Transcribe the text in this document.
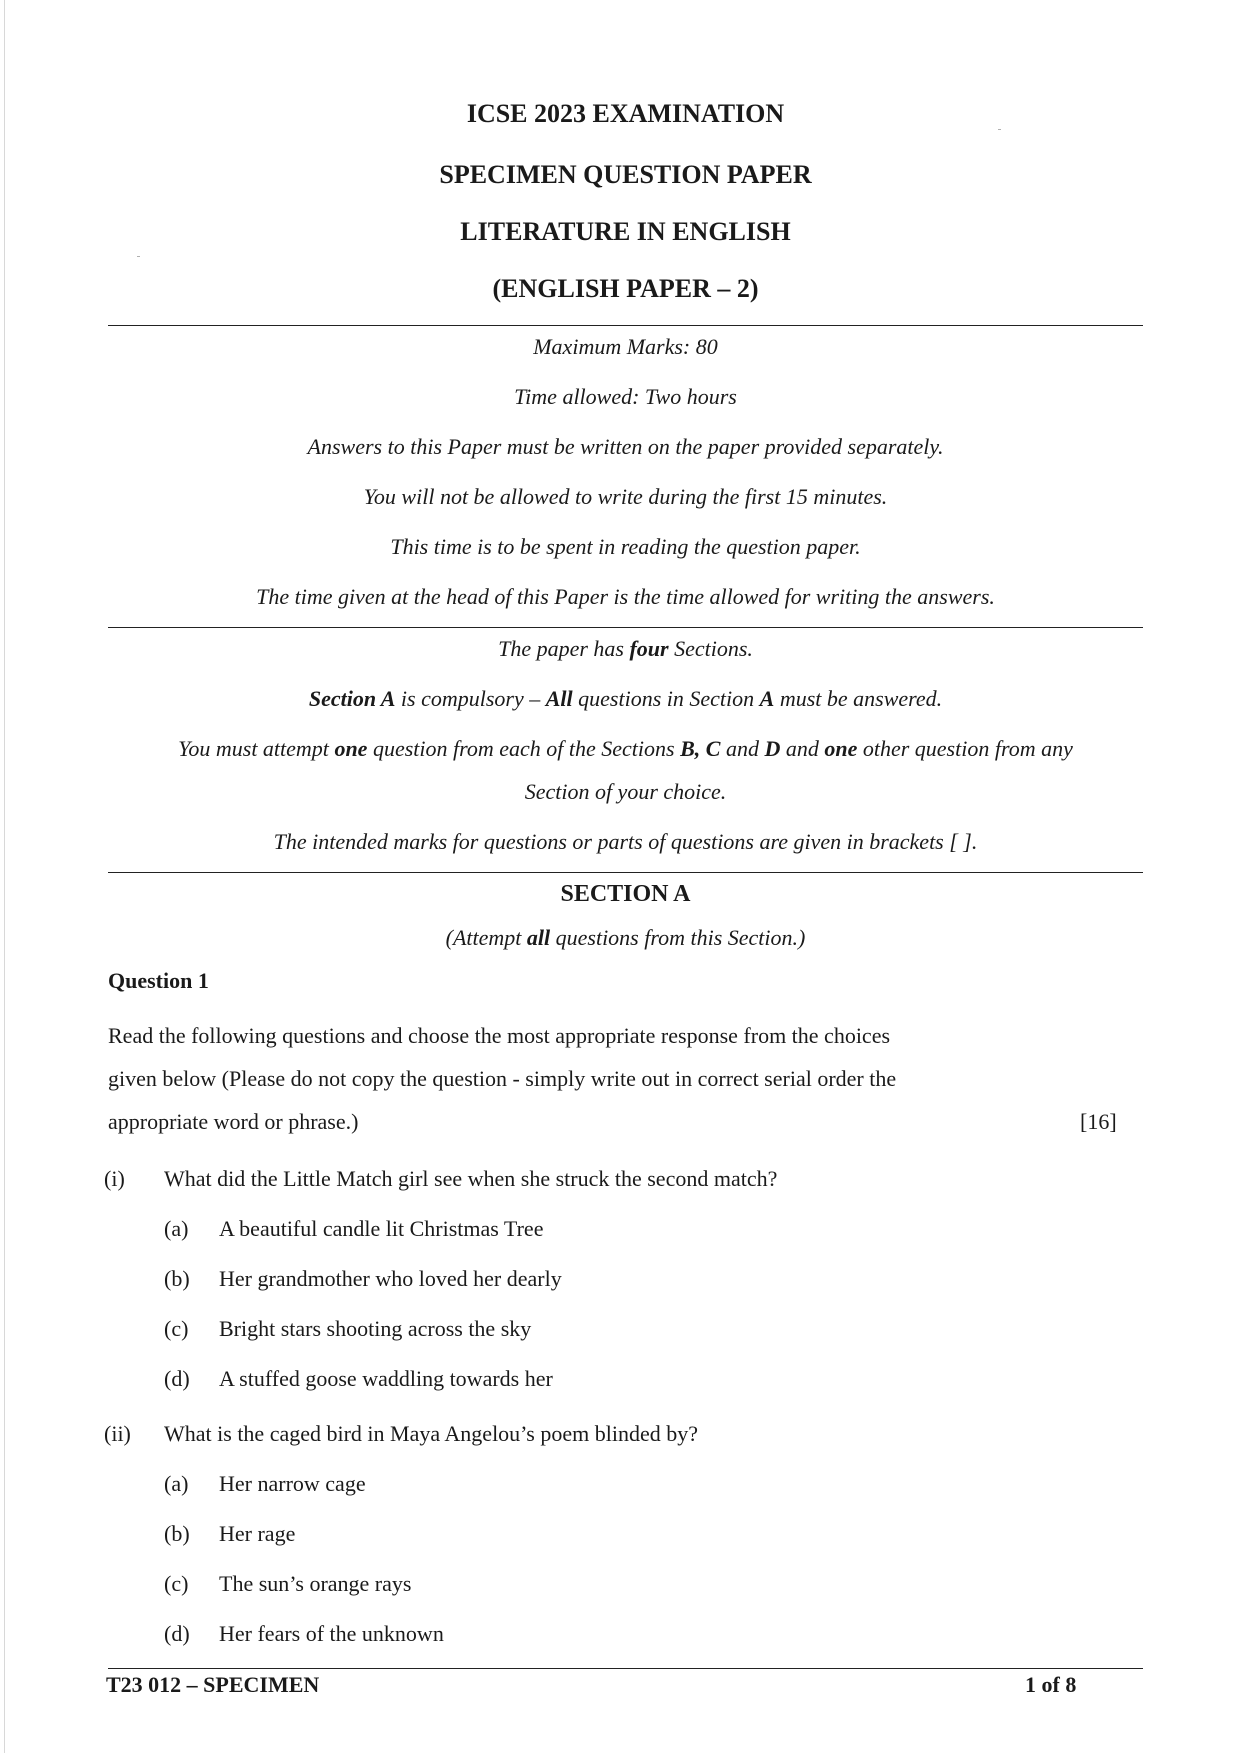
ICSE 2023 EXAMINATION
SPECIMEN QUESTION PAPER
LITERATURE IN ENGLISH
(ENGLISH PAPER – 2)
Maximum Marks: 80
Time allowed: Two hours
Answers to this Paper must be written on the paper provided separately.
You will not be allowed to write during the first 15 minutes.
This time is to be spent in reading the question paper.
The time given at the head of this Paper is the time allowed for writing the answers.
The paper has four Sections.
Section A is compulsory – All questions in Section A must be answered.
You must attempt one question from each of the Sections B, C and D and one other question from any
Section of your choice.
The intended marks for questions or parts of questions are given in brackets [ ].
SECTION A
(Attempt all questions from this Section.)
Question 1
Read the following questions and choose the most appropriate response from the choices
given below (Please do not copy the question - simply write out in correct serial order the
appropriate word or phrase.)	[16]
(i) What did the Little Match girl see when she struck the second match?
(a) A beautiful candle lit Christmas Tree
(b) Her grandmother who loved her dearly
(c) Bright stars shooting across the sky
(d) A stuffed goose waddling towards her
(ii) What is the caged bird in Maya Angelou’s poem blinded by?
(a) Her narrow cage
(b) Her rage
(c) The sun’s orange rays
(d) Her fears of the unknown
T23 012 – SPECIMEN	1 of 8
